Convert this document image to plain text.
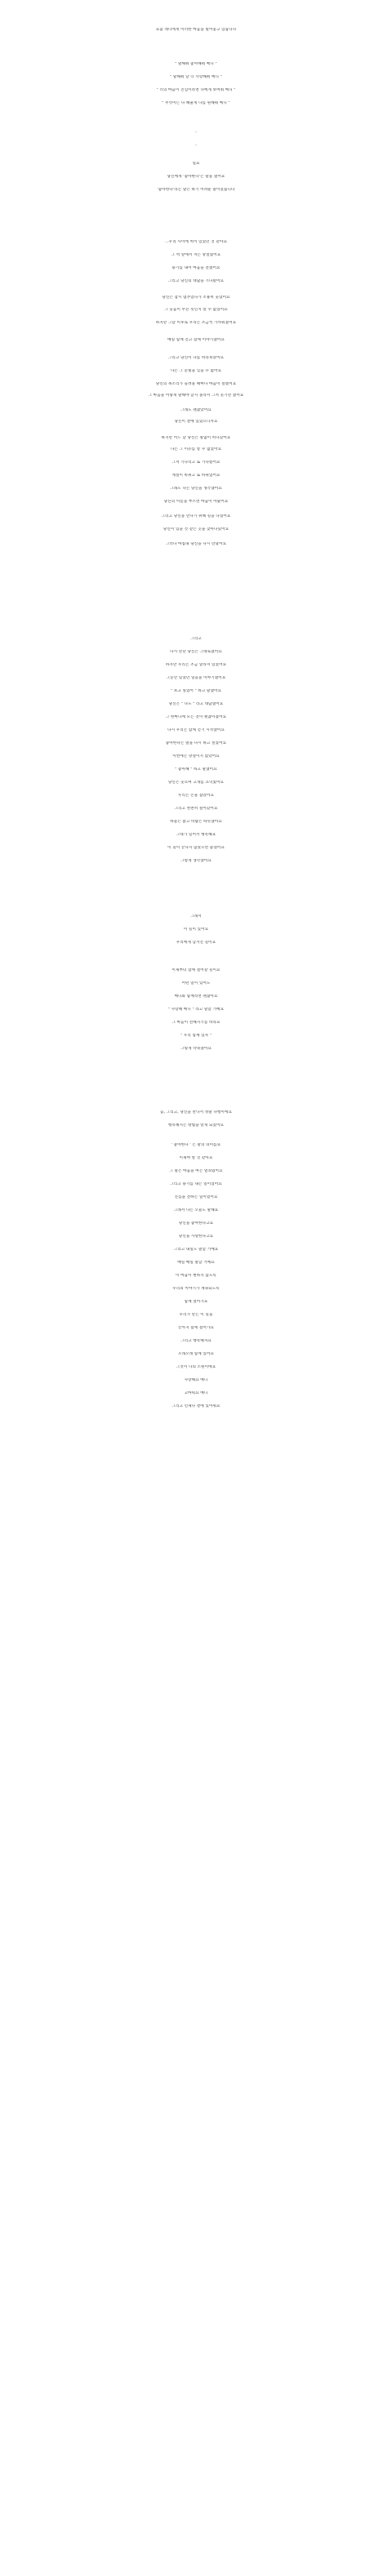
요즘 레니에게 이러한 마음을 털어놓고 있습니다
" 말해줘 좋아해줘 베니 "
" 말해줘 날 더 사랑해줘 베니 "
" 너의 마음이 진심이라면 나에게 보여줘 베니 "
" 무엇이든 다 해줄게 나를 원해줘 베니 "
·
·
일요
당신에게 '좋아한다'는 말을 했어요
'좋아한다'라는 말은 하기 어려운 말이었습니다
...우리 사이에 벽이 있었던 것 같아요
그 벽 앞에서 저는 망설였어요
용기를 내어 마음을 전했어요
그리고 당신의 대답을 기다렸어요
당신은 잠시 멈추었다가 조용히 웃었어요
그 웃음이 무슨 뜻인지 알 수 없었어요
하지만 그날 이후로 우리는 조금씩 가까워졌어요
매일 함께 걷고 함께 이야기했어요
그리고 당신이 나를 바라보았어요
나는 그 눈빛을 잊을 수 없어요
당신의 목소리가 들려올 때마다 마음이 설렜어요
그 마음을 어떻게 말해야 할지 몰라서 그저 웃기만 했어요
그래도 괜찮았어요
당신이 곁에 있었으니까요
하지만 어느 날 당신은 말없이 떠나갔어요
나는 그 이유를 알 수 없었어요
그저 기다리고 또 기다렸어요
계절이 바뀌고 또 바뀌었어요
그래도 나는 당신을 생각했어요
당신의 이름을 부르면 마음이 아팠어요
그리고 당신을 만나기 위해 길을 나섰어요
당신이 있을 것 같은 곳을 찾아다녔어요
그러다 마침내 당신을 다시 만났어요
그리고
다시 만난 당신은 그대로였어요
하지만 우리는 조금 달라져 있었어요
그동안 있었던 일들을 이야기했어요
" 보고 싶었어 " 하고 말했어요
당신은 " 나도 " 라고 대답했어요
그 한마디에 모든 것이 괜찮아졌어요
다시 우리는 함께 걷기 시작했어요
좋아한다는 말을 다시 하고 싶었어요
이번에는 망설이지 않았어요
" 좋아해 " 하고 말했어요
당신은 웃으며 고개를 끄덕였어요
우리는 손을 잡았어요
그리고 천천히 걸어갔어요
하늘은 맑고 바람은 따뜻했어요
그대가 있어서 행복해요
이 길이 끝나지 않았으면 좋겠어요
그렇게 생각했어요
그래서
이 길이 있어요
우리에게 남겨진 길이요
이제부터 함께 걸어갈 길이요
어떤 일이 있어도
베니와 함께라면 괜찮아요
" 사랑해 베니 " 라고 말할 거예요
그 마음이 전해지기를 바라요
" 우리 함께 있자 "
그렇게 약속했어요
음, 그리고, 당신을 만나서 정말 다행이에요
행복해지는 방법을 알게 되었어요
' 좋아한다 ' 는 말의 의미를요
이제야 알 것 같아요
그 말은 마음을 여는 열쇠였어요
그리고 용기를 내는 일이었어요
진심을 전하는 일이었어요
그래서 나는 오늘도 말해요
당신을 좋아한다고요
당신을 사랑한다고요
그리고 내일도 말할 거예요
매일 매일 말할 거예요
이 마음이 변하지 않도록
우리의 이야기가 계속되도록
함께 걸어가요
우리가 만든 이 길을
끝까지 함께 걸어가요
그리고 행복해져요
오래오래 함께 있어요
그것이 나의 소원이에요
사랑해요 베니
고마워요 베니
그리고 언제나 곁에 있어줘요
